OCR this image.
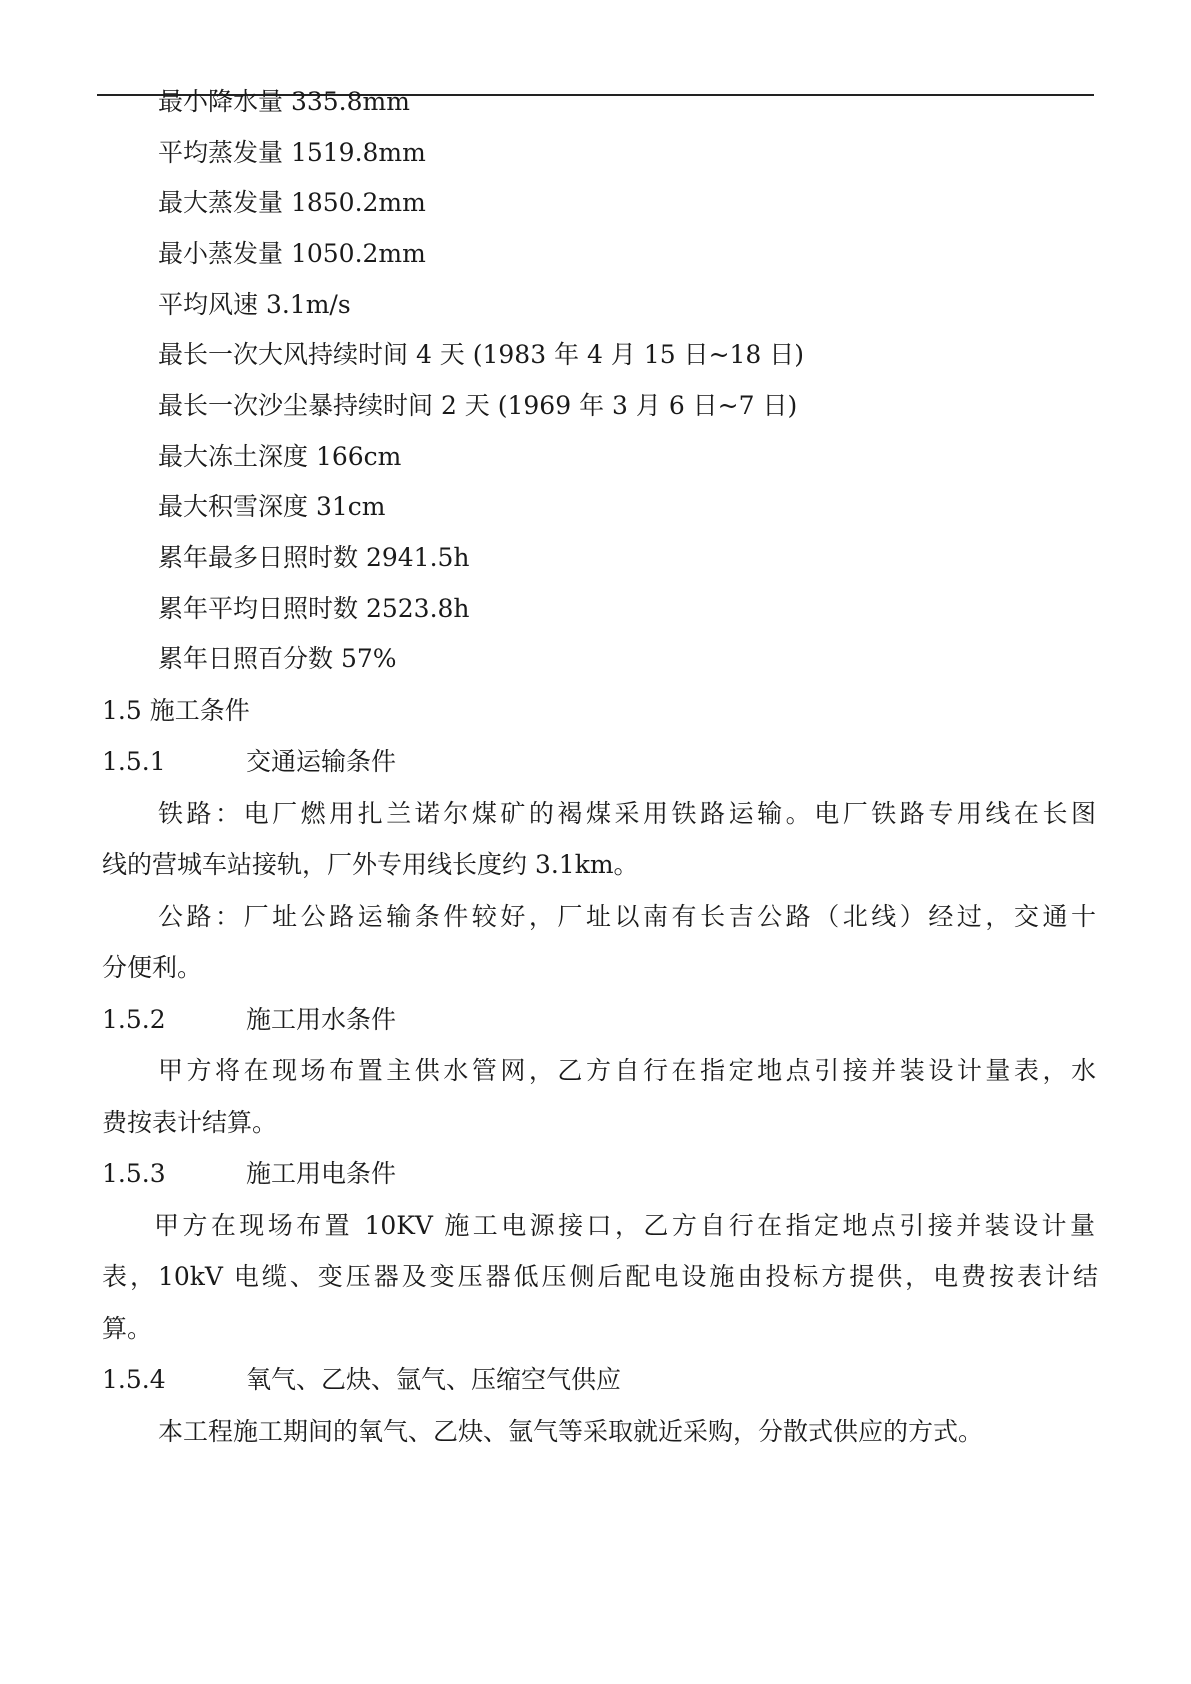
最小降水量 335.8mm
平均蒸发量 1519.8mm
最大蒸发量 1850.2mm
最小蒸发量 1050.2mm
平均风速 3.1m/s
最长一次大风持续时间 4 天 (1983 年 4 月 15 日~18 日)
最长一次沙尘暴持续时间 2 天 (1969 年 3 月 6 日~7 日)
最大冻土深度 166cm
最大积雪深度 31cm
累年最多日照时数 2941.5h
累年平均日照时数 2523.8h
累年日照百分数 57%
1.5 施工条件
1.5.1	交通运输条件
铁路：电厂燃用扎兰诺尔煤矿的褐煤采用铁路运输。电厂铁路专用线在长图
线的营城车站接轨，厂外专用线长度约 3.1km。
公路：厂址公路运输条件较好，厂址以南有长吉公路（北线）经过，交通十
分便利。
1.5.2	施工用水条件
甲方将在现场布置主供水管网，乙方自行在指定地点引接并装设计量表，水
费按表计结算。
1.5.3	施工用电条件
甲方在现场布置 10KV 施工电源接口，乙方自行在指定地点引接并装设计量
表，10kV 电缆、变压器及变压器低压侧后配电设施由投标方提供，电费按表计结
算。
1.5.4	氧气、乙炔、氩气、压缩空气供应
本工程施工期间的氧气、乙炔、氩气等采取就近采购，分散式供应的方式。
